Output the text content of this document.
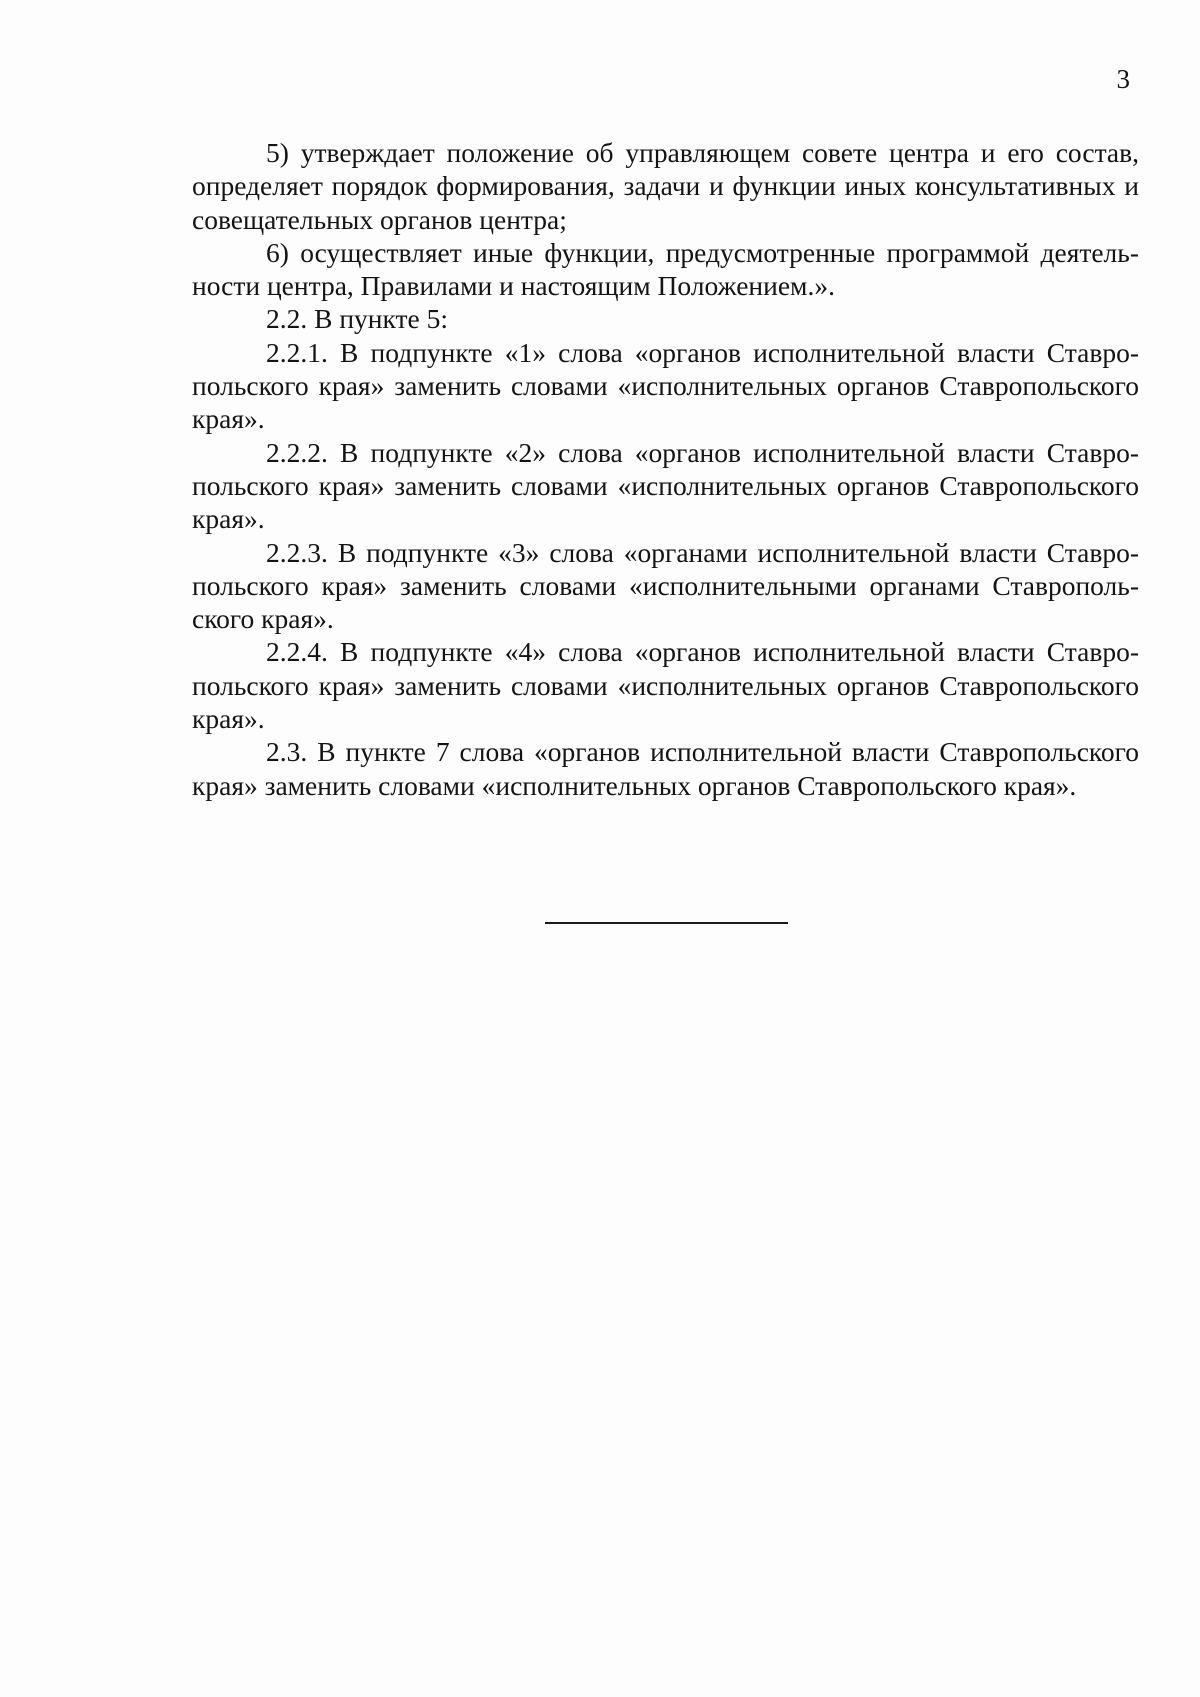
3

5) утверждает положение об управляющем совете центра и его состав, определяет порядок формирования, задачи и функции иных консультативных и совещательных органов центра;

6) осуществляет иные функции, предусмотренные программой деятельности центра, Правилами и настоящим Положением.».

2.2. В пункте 5:

2.2.1. В подпункте «1» слова «органов исполнительной власти Ставропольского края» заменить словами «исполнительных органов Ставропольского края».

2.2.2. В подпункте «2» слова «органов исполнительной власти Ставропольского края» заменить словами «исполнительных органов Ставропольского края».

2.2.3. В подпункте «3» слова «органами исполнительной власти Ставропольского края» заменить словами «исполнительными органами Ставропольского края».

2.2.4. В подпункте «4» слова «органов исполнительной власти Ставропольского края» заменить словами «исполнительных органов Ставропольского края».

2.3. В пункте 7 слова «органов исполнительной власти Ставропольского края» заменить словами «исполнительных органов Ставропольского края».
